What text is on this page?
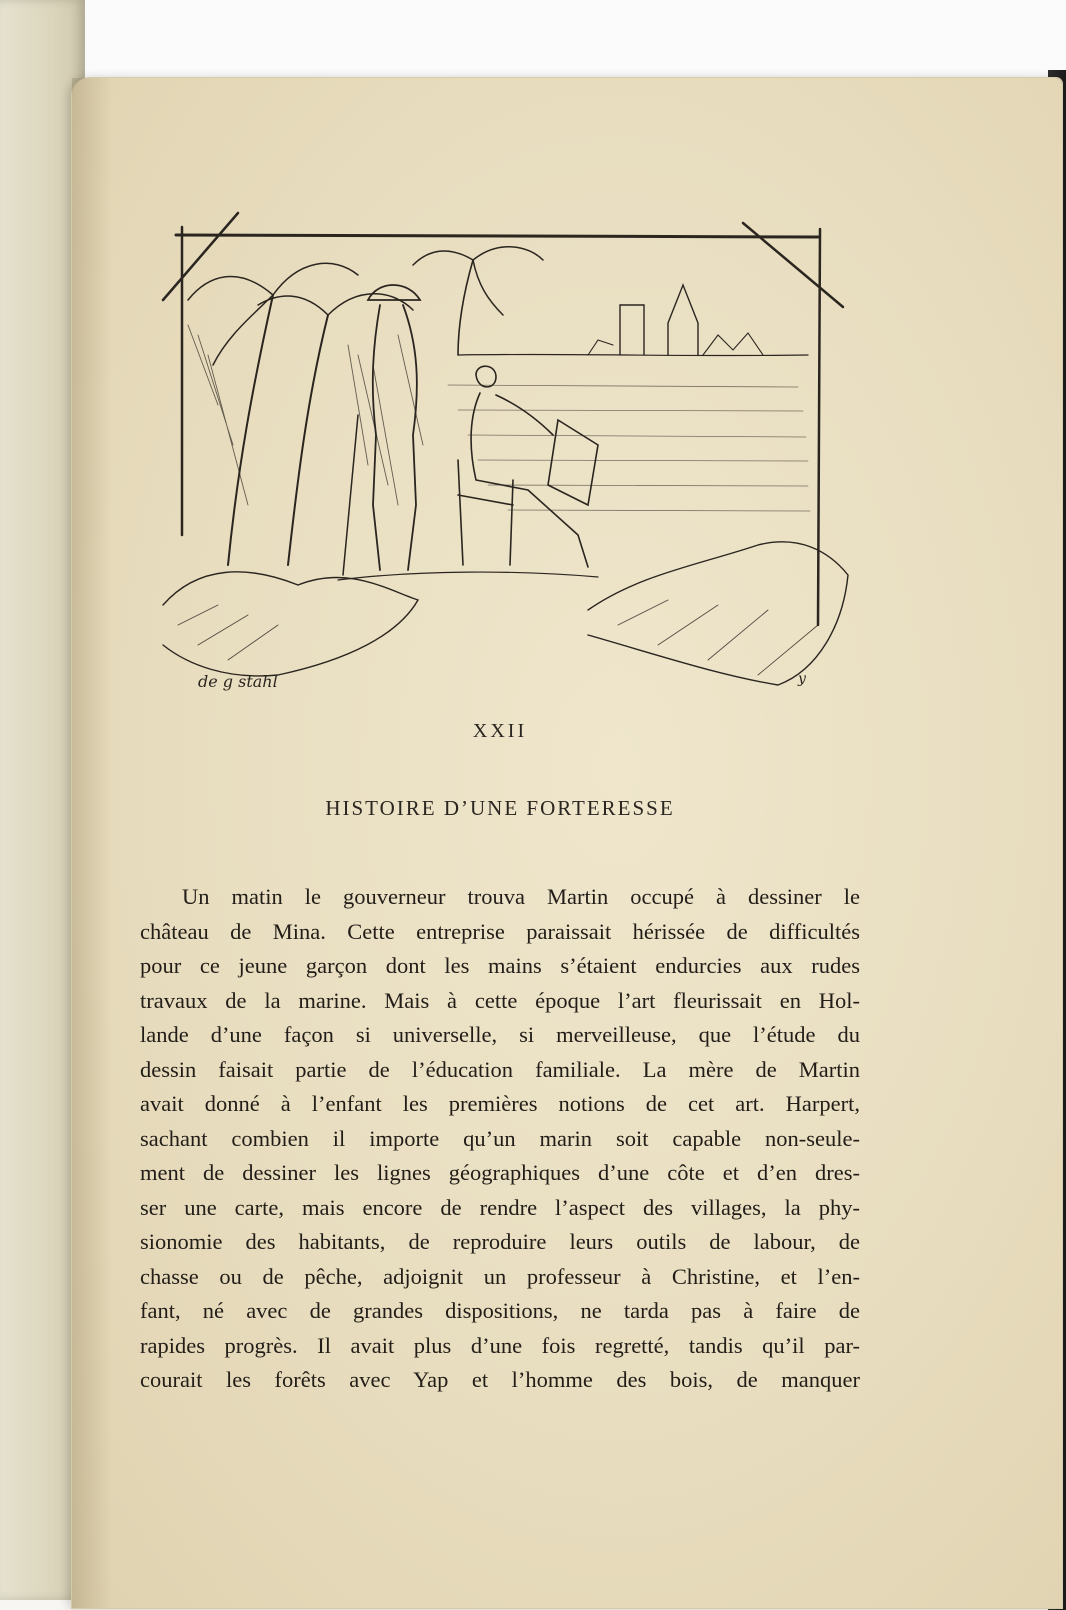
de g stahl	y
XXII
HISTOIRE D’UNE FORTERESSE
Un matin le gouverneur trouva Martin occupé à dessiner le
château de Mina. Cette entreprise paraissait hérissée de difficultés
pour ce jeune garçon dont les mains s’étaient endurcies aux rudes
travaux de la marine. Mais à cette époque l’art fleurissait en Hol-
lande d’une façon si universelle, si merveilleuse, que l’étude du
dessin faisait partie de l’éducation familiale. La mère de Martin
avait donné à l’enfant les premières notions de cet art. Harpert,
sachant combien il importe qu’un marin soit capable non-seule-
ment de dessiner les lignes géographiques d’une côte et d’en dres-
ser une carte, mais encore de rendre l’aspect des villages, la phy-
sionomie des habitants, de reproduire leurs outils de labour, de
chasse ou de pêche, adjoignit un professeur à Christine, et l’en-
fant, né avec de grandes dispositions, ne tarda pas à faire de
rapides progrès. Il avait plus d’une fois regretté, tandis qu’il par-
courait les forêts avec Yap et l’homme des bois, de manquer
